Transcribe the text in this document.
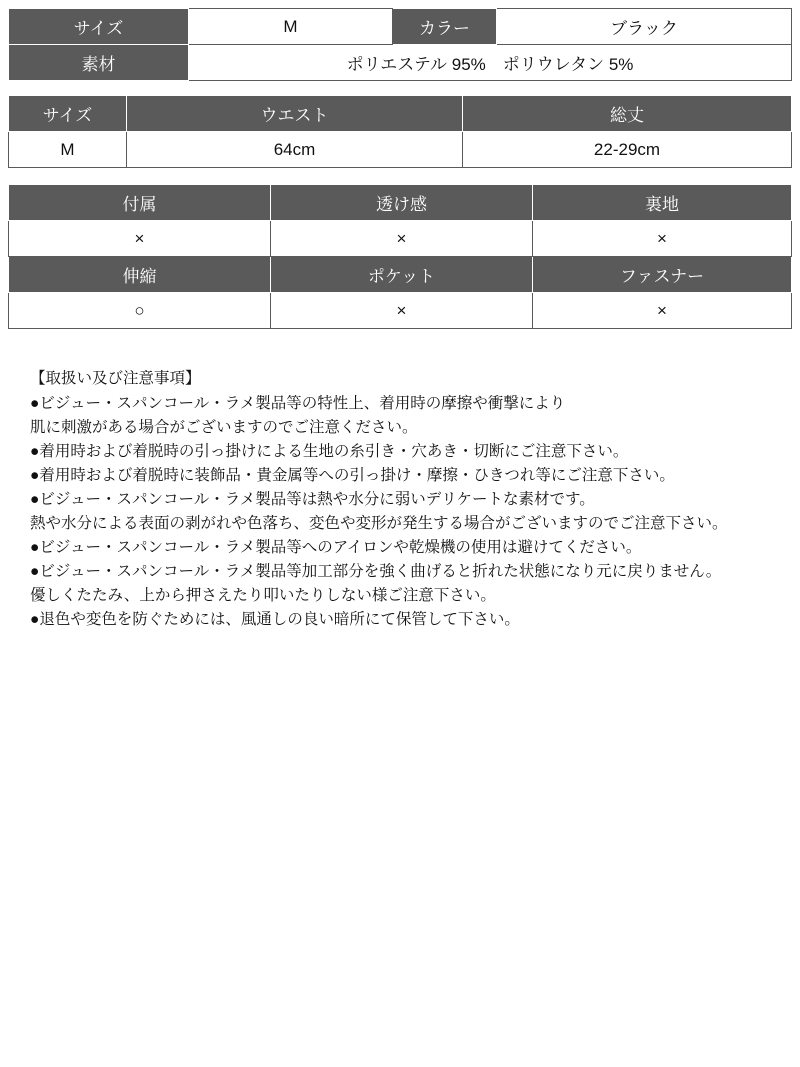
サイズ	M	カラー	ブラック
素材	ポリエステル 95%　ポリウレタン 5%		
サイズ	ウエスト	総丈
M	64cm	22-29cm
付属	透け感	裏地
×	×	×
伸縮	ポケット	ファスナー
○	×	×
【取扱い及び注意事項】
●ビジュー・スパンコール・ラメ製品等の特性上、着用時の摩擦や衝撃により
肌に刺激がある場合がございますのでご注意ください。
●着用時および着脱時の引っ掛けによる生地の糸引き・穴あき・切断にご注意下さい。
●着用時および着脱時に装飾品・貴金属等への引っ掛け・摩擦・ひきつれ等にご注意下さい。
●ビジュー・スパンコール・ラメ製品等は熱や水分に弱いデリケートな素材です。
熱や水分による表面の剥がれや色落ち、変色や変形が発生する場合がございますのでご注意下さい。
●ビジュー・スパンコール・ラメ製品等へのアイロンや乾燥機の使用は避けてください。
●ビジュー・スパンコール・ラメ製品等加工部分を強く曲げると折れた状態になり元に戻りません。
優しくたたみ、上から押さえたり叩いたりしない様ご注意下さい。
●退色や変色を防ぐためには、風通しの良い暗所にて保管して下さい。
